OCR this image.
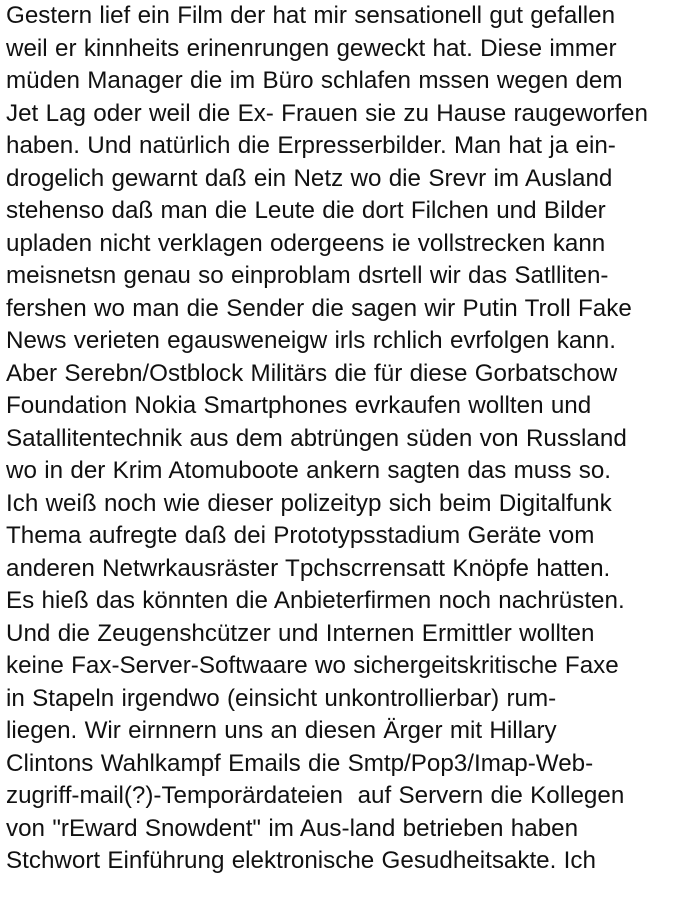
Gestern lief ein Film der hat mir sensationell gut gefallen
weil er kinnheits erinenrungen geweckt hat. Diese immer
müden Manager die im Büro schlafen mssen wegen dem
Jet Lag oder weil die Ex- Frauen sie zu Hause raugeworfen
haben. Und natürlich die Erpresserbilder. Man hat ja ein-
drogelich gewarnt daß ein Netz wo die Srevr im Ausland
stehenso daß man die Leute die dort Filchen und Bilder
upladen nicht verklagen odergeens ie vollstrecken kann
meisnetsn genau so einproblam dsrtell wir das Satlliten-
fershen wo man die Sender die sagen wir Putin Troll Fake
News verieten egausweneigw irls rchlich evrfolgen kann.
Aber Serebn/Ostblock Militärs die für diese Gorbatschow
Foundation Nokia Smartphones evrkaufen wollten und
Satallitentechnik aus dem abtrüngen süden von Russland
wo in der Krim Atomuboote ankern sagten das muss so.
Ich weiß noch wie dieser polizeityp sich beim Digitalfunk
Thema aufregte daß dei Prototypsstadium Geräte vom
anderen Netwrkausräster Tpchscrrensatt Knöpfe hatten.
Es hieß das könnten die Anbieterfirmen noch nachrüsten.
Und die Zeugenshcützer und Internen Ermittler wollten
keine Fax-Server-Softwaare wo sichergeitskritische Faxe
in Stapeln irgendwo (einsicht unkontrollierbar) rum-
liegen. Wir eirnnern uns an diesen Ärger mit Hillary
Clintons Wahlkampf Emails die Smtp/Pop3/Imap-Web-
zugriff-mail(?)-Temporärdateien  auf Servern die Kollegen
von "rEward Snowdent" im Aus-land betrieben haben
Stchwort Einführung elektronische Gesudheitsakte. Ich
